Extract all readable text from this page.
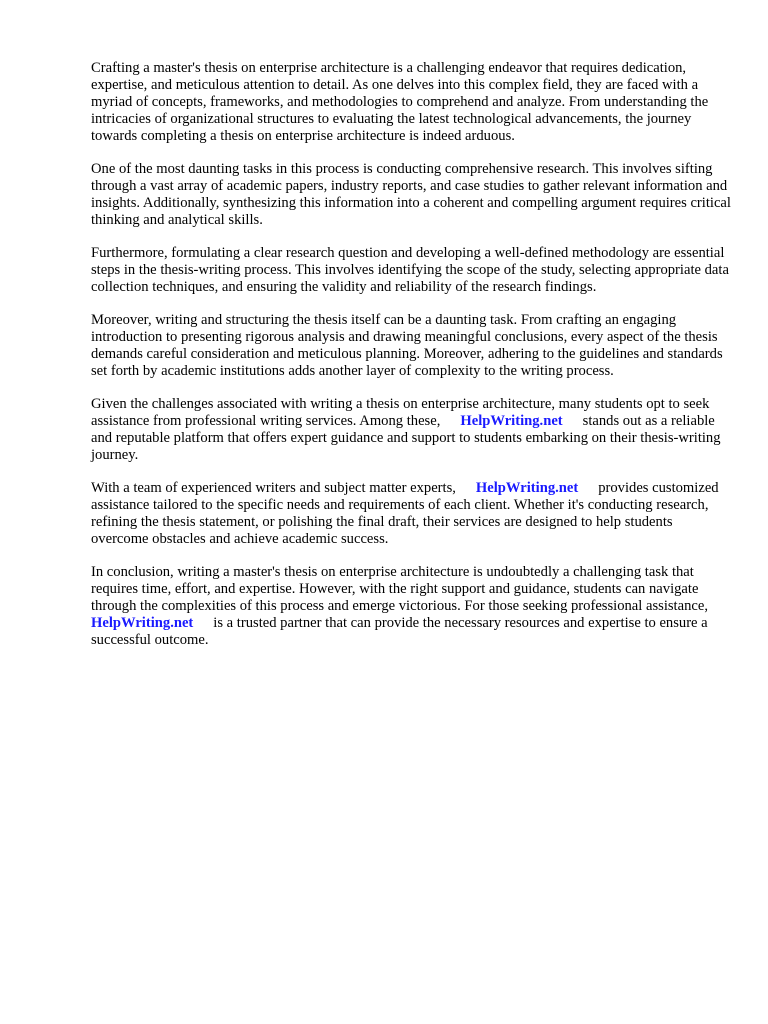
Crafting a master's thesis on enterprise architecture is a challenging endeavor that requires dedication, expertise, and meticulous attention to detail. As one delves into this complex field, they are faced with a myriad of concepts, frameworks, and methodologies to comprehend and analyze. From understanding the intricacies of organizational structures to evaluating the latest technological advancements, the journey towards completing a thesis on enterprise architecture is indeed arduous.

One of the most daunting tasks in this process is conducting comprehensive research. This involves sifting through a vast array of academic papers, industry reports, and case studies to gather relevant information and insights. Additionally, synthesizing this information into a coherent and compelling argument requires critical thinking and analytical skills.

Furthermore, formulating a clear research question and developing a well-defined methodology are essential steps in the thesis-writing process. This involves identifying the scope of the study, selecting appropriate data collection techniques, and ensuring the validity and reliability of the research findings.

Moreover, writing and structuring the thesis itself can be a daunting task. From crafting an engaging introduction to presenting rigorous analysis and drawing meaningful conclusions, every aspect of the thesis demands careful consideration and meticulous planning. Moreover, adhering to the guidelines and standards set forth by academic institutions adds another layer of complexity to the writing process.

Given the challenges associated with writing a thesis on enterprise architecture, many students opt to seek assistance from professional writing services. Among these, HelpWriting.net stands out as a reliable and reputable platform that offers expert guidance and support to students embarking on their thesis-writing journey.

With a team of experienced writers and subject matter experts, HelpWriting.net provides customized assistance tailored to the specific needs and requirements of each client. Whether it's conducting research, refining the thesis statement, or polishing the final draft, their services are designed to help students overcome obstacles and achieve academic success.

In conclusion, writing a master's thesis on enterprise architecture is undoubtedly a challenging task that requires time, effort, and expertise. However, with the right support and guidance, students can navigate through the complexities of this process and emerge victorious. For those seeking professional assistance,HelpWriting.net is a trusted partner that can provide the necessary resources and expertise to ensure a successful outcome.
